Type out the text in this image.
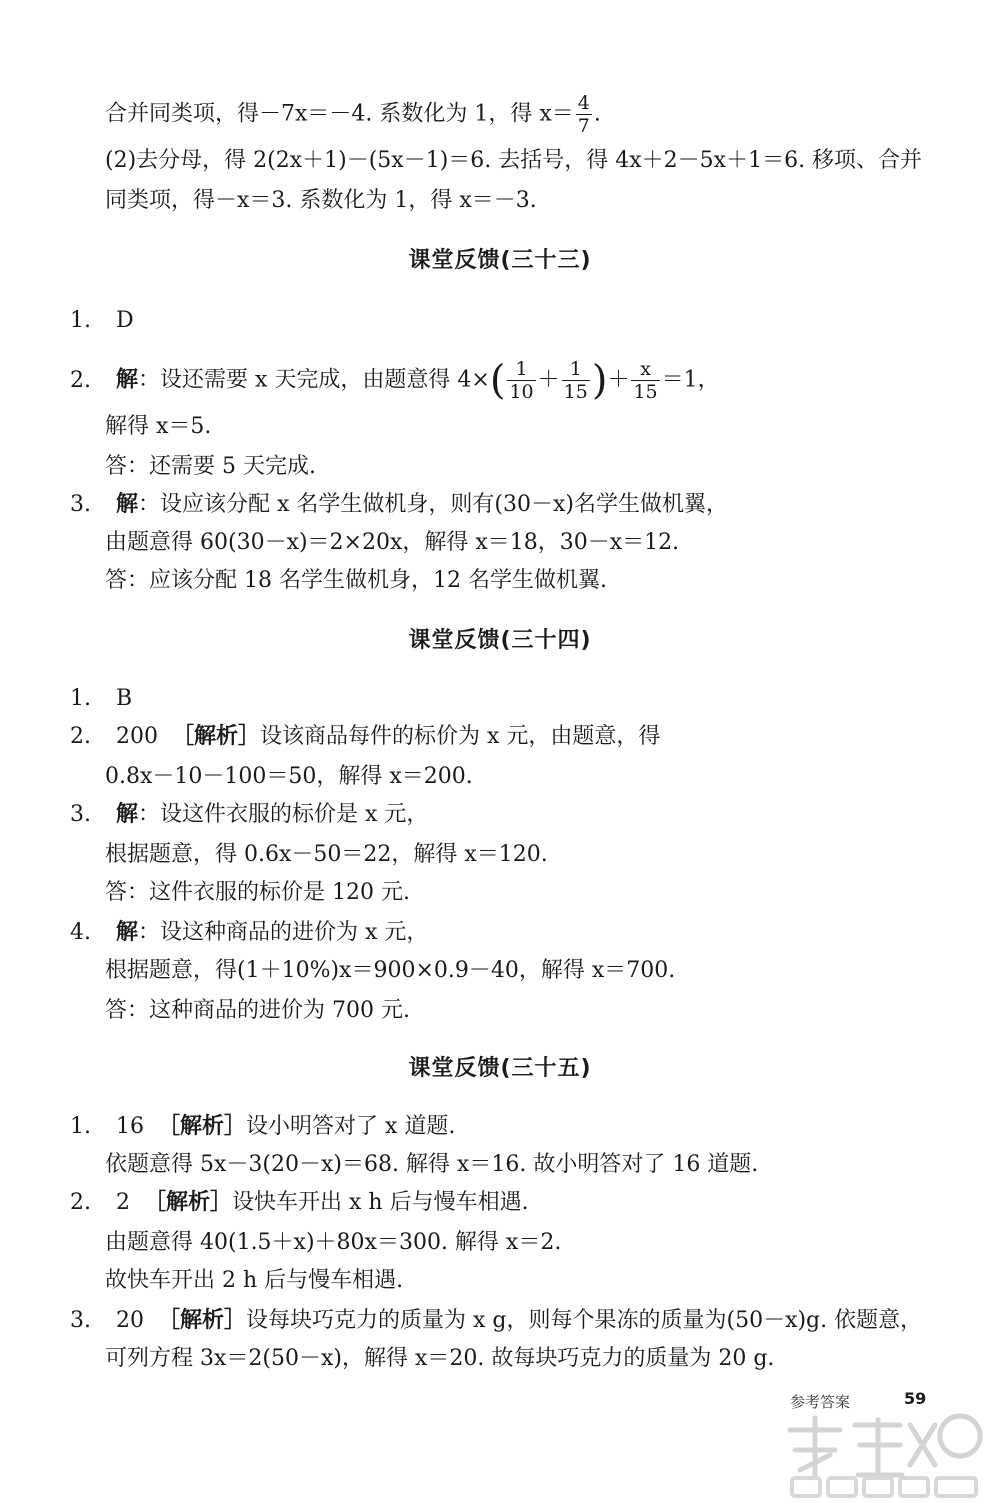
合并同类项，得－7x＝－4. 系数化为 1，得 $x= \frac{4}{7}$ .
(2)去分母，得 2(2x＋1)－(5x－1)＝6. 去括号，得 4x＋2－5x＋1＝6. 移项、合并
同类项，得－x＝3. 系数化为 1，得 x＝－3.
课堂反馈(三十三)
1. D
2. 解：设还需要 x 天完成，由题意得 $4\times( \frac{1}{10} + \frac{1}{15}$ )＋ $\frac{x}{15} =1$，
解得 x＝5.
答：还需要 5 天完成.
3. 解：设应该分配 x 名学生做机身，则有(30－x)名学生做机翼，
由题意得 60(30－x)＝2×20x，解得 x＝18，30－x＝12.
答：应该分配 18 名学生做机身，12 名学生做机翼.
课堂反馈(三十四)
1. B
2. 200 ［解析］设该商品每件的标价为 x 元，由题意，得
0.8x－10－100＝50，解得 x＝200.
3. 解：设这件衣服的标价是 x 元，
根据题意，得 0.6x－50＝22，解得 x＝120.
答：这件衣服的标价是 120 元.
4. 解：设这种商品的进价为 x 元，
根据题意，得(1＋10%)x＝900×0.9－40，解得 x＝700.
答：这种商品的进价为 700 元.
课堂反馈(三十五)
1. 16 ［解析］设小明答对了 x 道题.
依题意得 5x－3(20－x)＝68. 解得 x＝16. 故小明答对了 16 道题.
2. 2 ［解析］设快车开出 x h 后与慢车相遇.
由题意得 40(1.5＋x)＋80x＝300. 解得 x＝2.
故快车开出 2 h 后与慢车相遇.
3. 20 ［解析］设每块巧克力的质量为 x g，则每个果冻的质量为(50－x)g. 依题意，
可列方程 3x＝2(50－x)，解得 x＝20. 故每块巧克力的质量为 20 g.
参考答案	59
